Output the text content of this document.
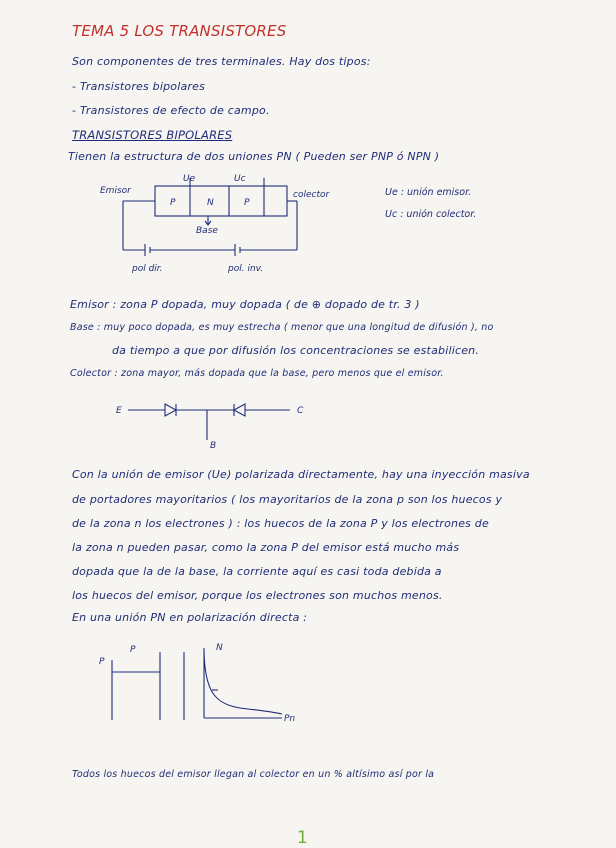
TEMA 5 LOS TRANSISTORES
Son componentes de tres terminales. Hay dos tipos:
- Transistores bipolares
- Transistores de efecto de campo.
TRANSISTORES BIPOLARES
Tienen la estructura de dos uniones PN ( Pueden ser PNP ó NPN )
Ue	Uc
Emisor	colector
Base
P	N	P
pol dir.	pol. inv.
Ue : unión emisor.
Uc : unión colector.
E	C
B
P
P	N
Pn
Emisor : zona P dopada, muy dopada ( de ⊕ dopado de tr. 3 )
Base : muy poco dopada, es muy estrecha ( menor que una longitud de difusión ), no
da tiempo a que por difusión los concentraciones se estabilicen.
Colector : zona mayor, más dopada que la base, pero menos que el emisor.
Con la unión de emisor (Ue) polarizada directamente, hay una inyección masiva
de portadores mayoritarios ( los mayoritarios de la zona p son los huecos y
de la zona n los electrones ) : los huecos de la zona P y los electrones de
la zona n pueden pasar, como la zona P del emisor está mucho más
dopada que la de la base, la corriente aquí es casi toda debida a
los huecos del emisor, porque los electrones son muchos menos.
En una unión PN en polarización directa :
Todos los huecos del emisor llegan al colector en un % altísimo así por la
1
